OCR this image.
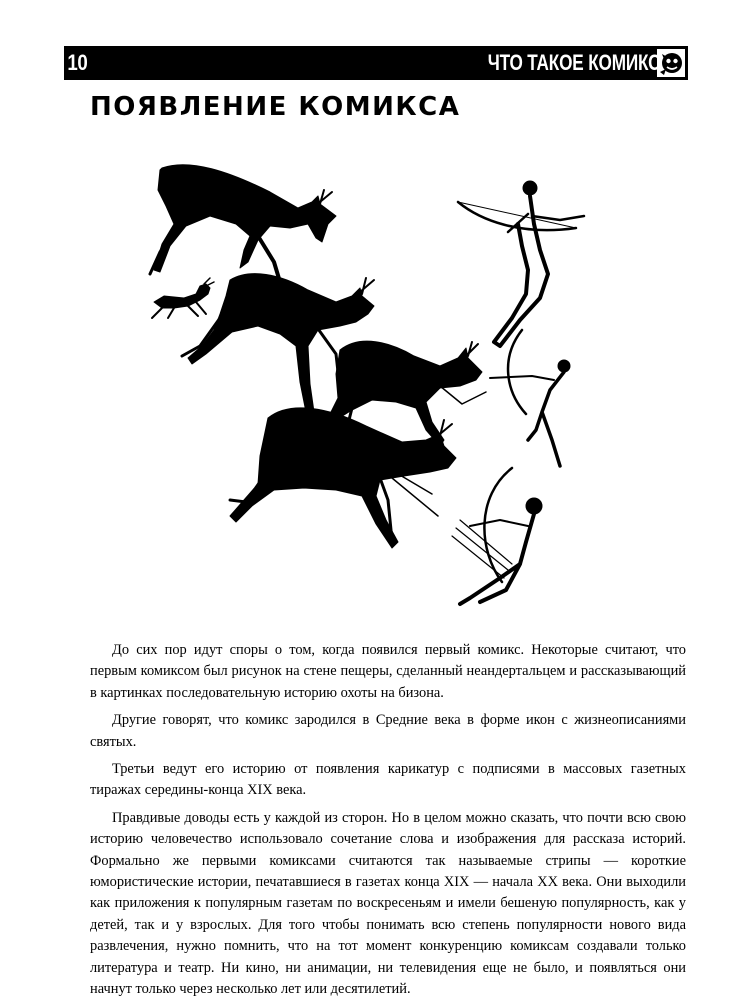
10	ЧТО ТАКОЕ КОМИКС
ПОЯВЛЕНИЕ КОМИКСА

До сих пор идут споры о том, когда появился первый комикс. Некоторые считают, что первым комиксом был рисунок на стене пещеры, сделанный неандертальцем и рассказывающий в картинках последовательную историю охоты на бизона.

Другие говорят, что комикс зародился в Средние века в форме икон с жизнеописаниями святых.

Третьи ведут его историю от появления карикатур с подписями в массовых газетных тиражах середины-конца XIX века.

Правдивые доводы есть у каждой из сторон. Но в целом можно сказать, что почти всю свою историю человечество использовало сочетание слова и изображения для рассказа историй. Формально же первыми комиксами считаются так называемые стрипы — короткие юмористические истории, печатавшиеся в газетах конца XIX — начала XX века. Они выходили как приложения к популярным газетам по воскресеньям и имели бешеную популярность, как у детей, так и у взрослых. Для того чтобы понимать всю степень популярности нового вида развлечения, нужно помнить, что на тот момент конкуренцию комиксам создавали только литература и театр. Ни кино, ни анимации, ни телевидения еще не было, и появляться они начнут только через несколько лет или десятилетий.
